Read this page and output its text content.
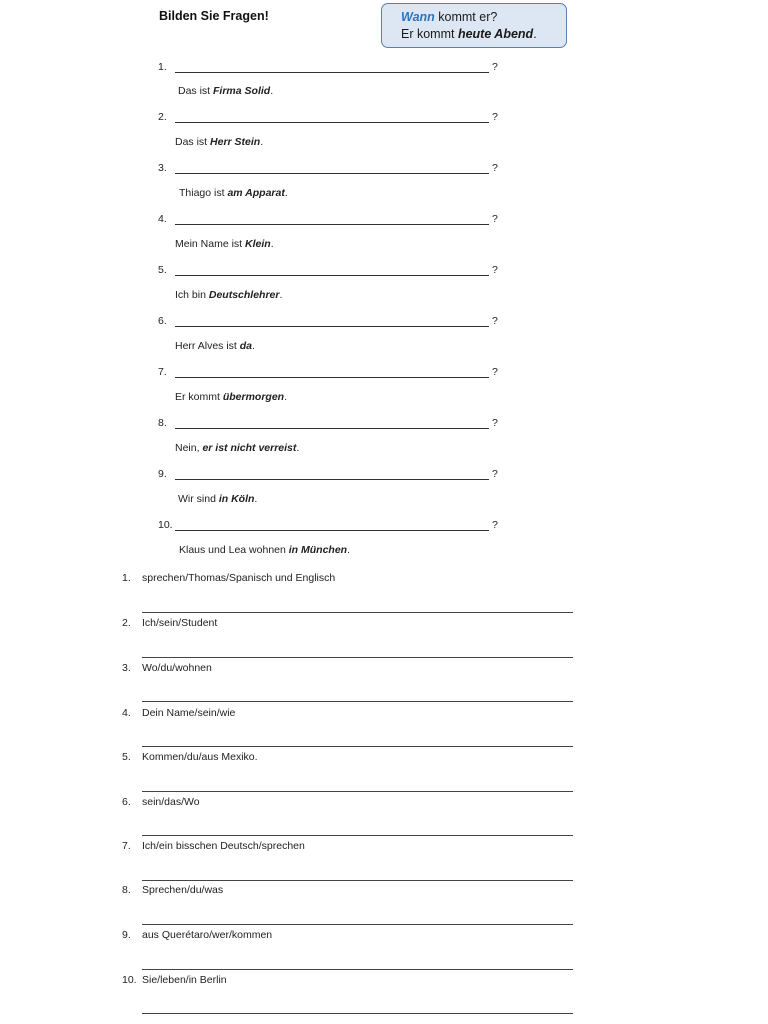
Bilden Sie Fragen!	Wann kommt er?
Er kommt heute Abend.
1.	?
Das ist Firma Solid.
2.	?
Das ist Herr Stein.
3.	?
Thiago ist am Apparat.
4.	?
Mein Name ist Klein.
5.	?
Ich bin Deutschlehrer.
6.	?
Herr Alves ist da.
7.	?
Er kommt übermorgen.
8.	?
Nein, er ist nicht verreist.
9.	?
Wir sind in Köln.
10.	?
Klaus und Lea wohnen in München.
1. sprechen/Thomas/Spanisch und Englisch
2. Ich/sein/Student
3. Wo/du/wohnen
4. Dein Name/sein/wie
5. Kommen/du/aus Mexiko.
6. sein/das/Wo
7. Ich/ein bisschen Deutsch/sprechen
8. Sprechen/du/was
9. aus Querétaro/wer/kommen
10. Sie/leben/in Berlin
